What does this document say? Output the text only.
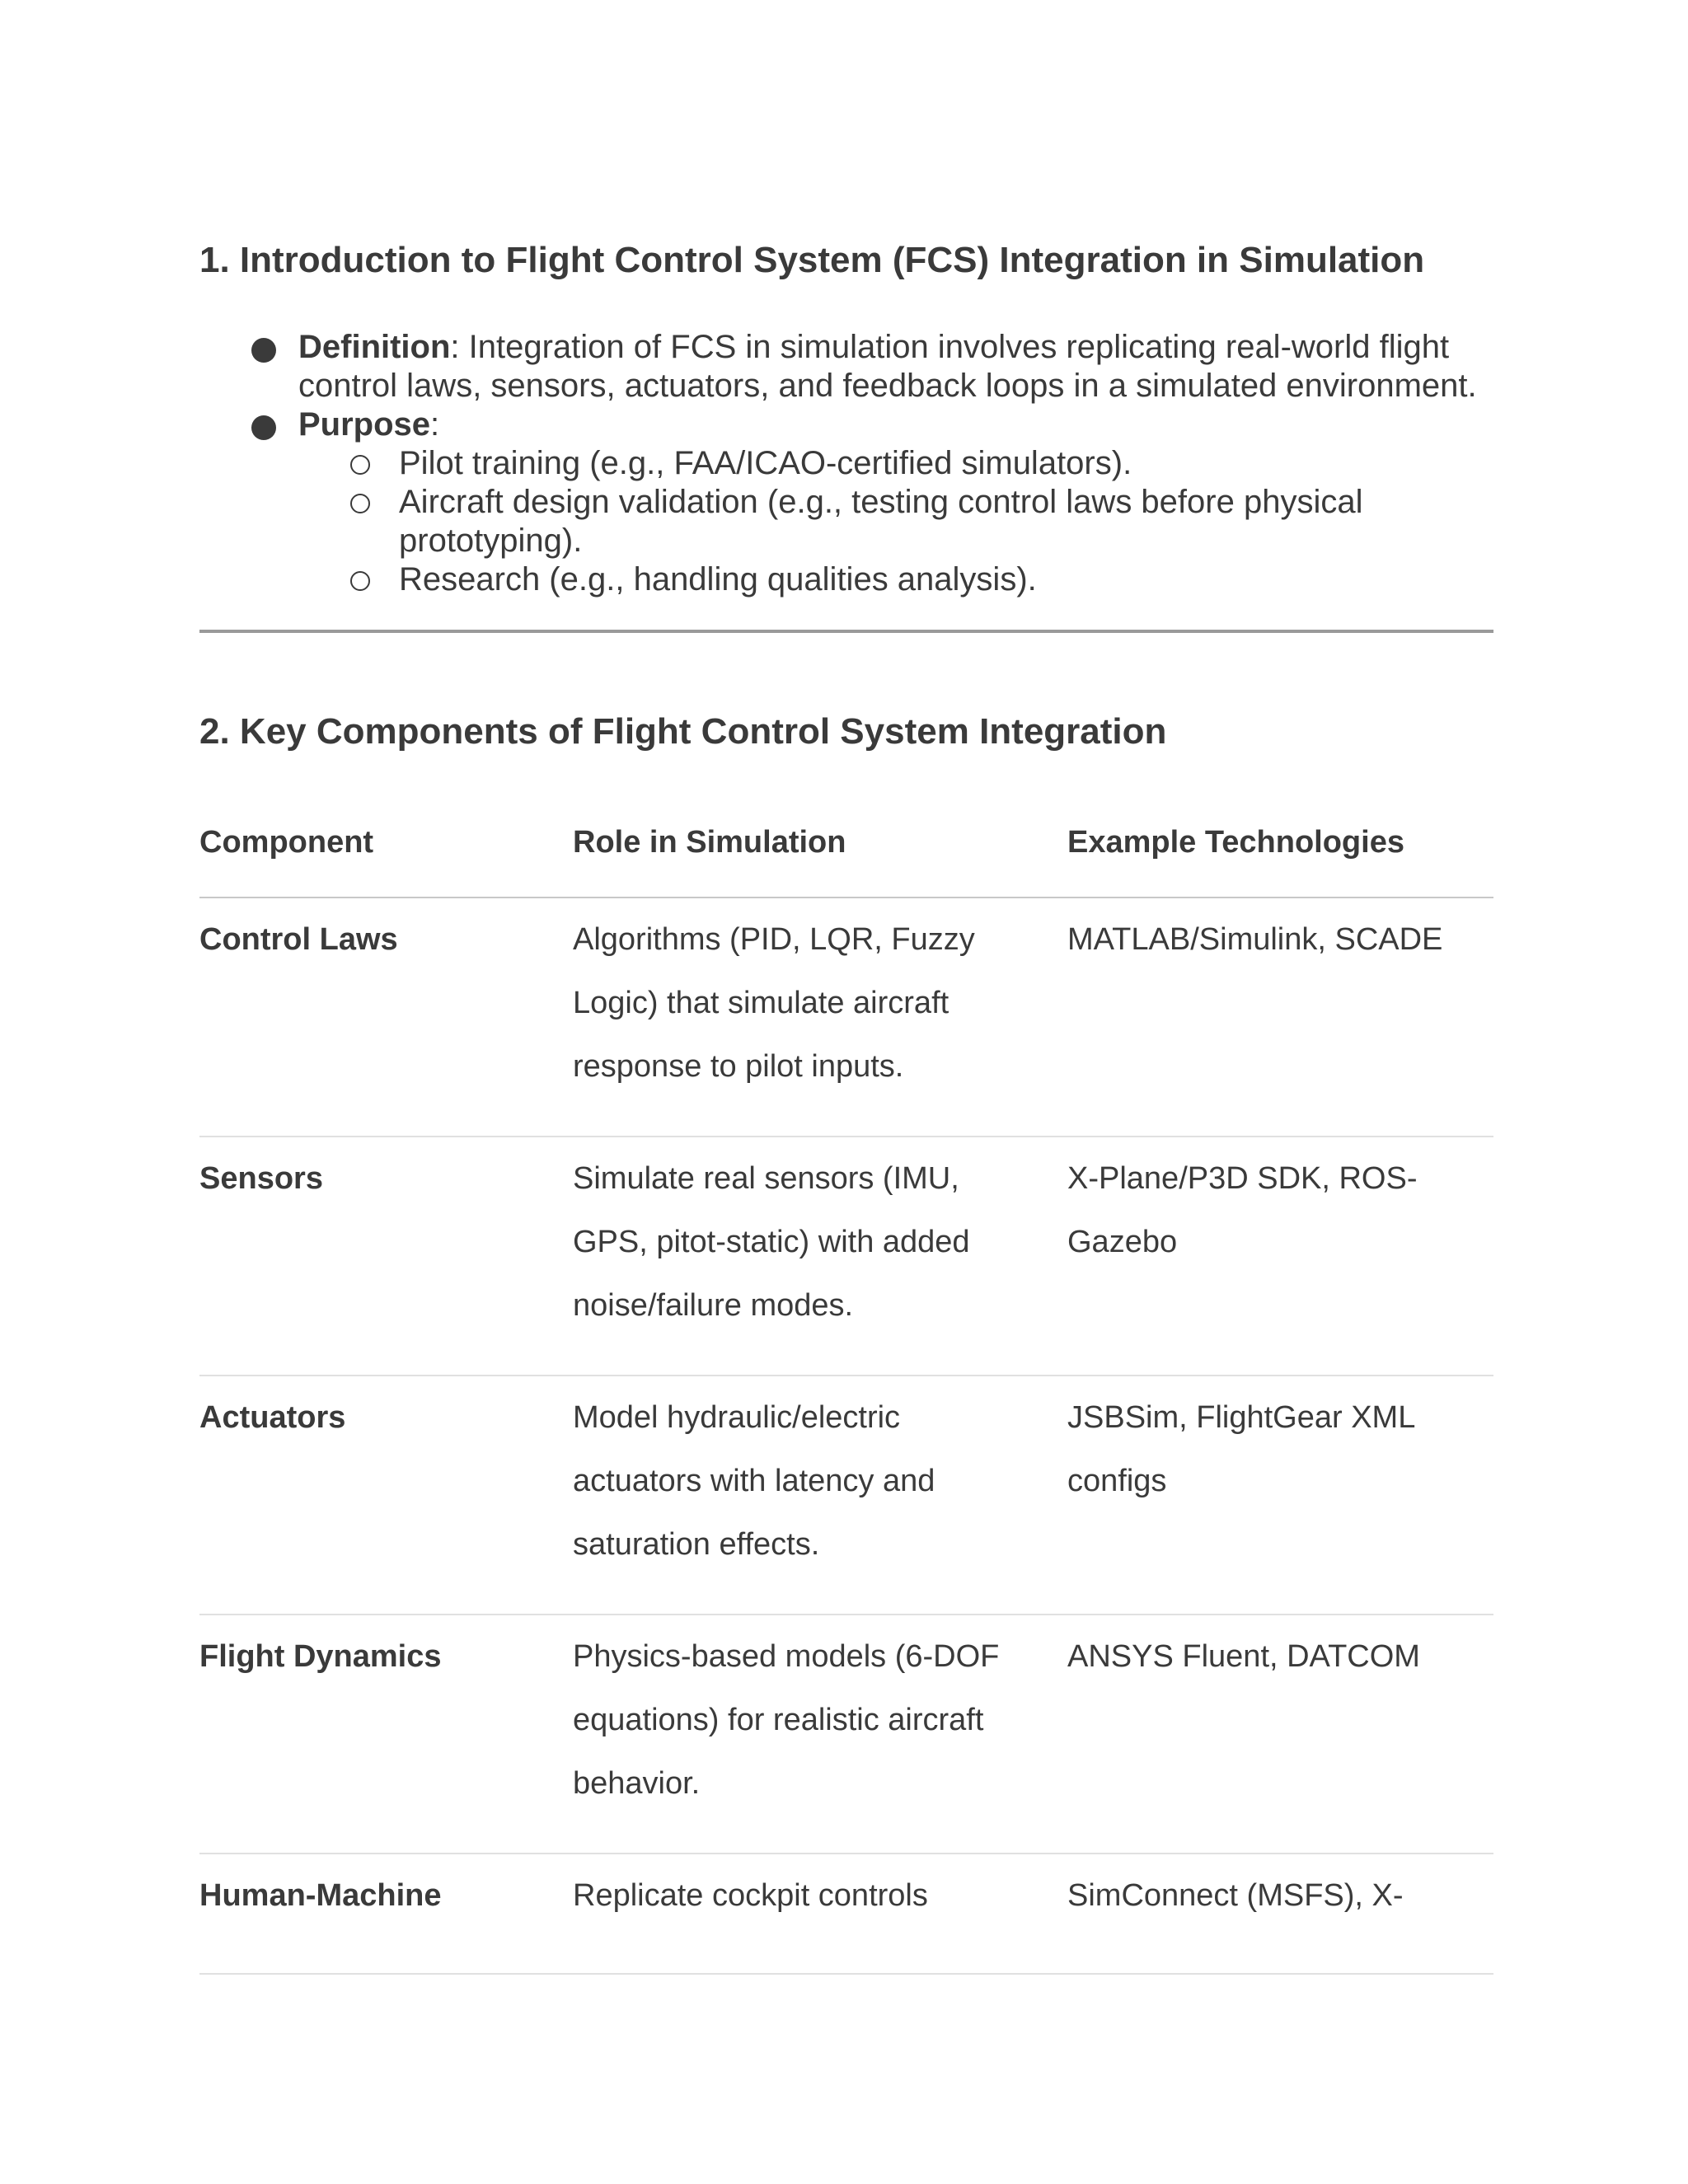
1. Introduction to Flight Control System (FCS) Integration in Simulation
Definition: Integration of FCS in simulation involves replicating real-world flight control laws, sensors, actuators, and feedback loops in a simulated environment.
Purpose:
Pilot training (e.g., FAA/ICAO-certified simulators).
Aircraft design validation (e.g., testing control laws before physical prototyping).
Research (e.g., handling qualities analysis).
2. Key Components of Flight Control System Integration
Component	Role in Simulation	Example Technologies
Control Laws	Algorithms (PID, LQR, Fuzzy Logic) that simulate aircraft response to pilot inputs.	MATLAB/Simulink, SCADE
Sensors	Simulate real sensors (IMU, GPS, pitot-static) with added noise/failure modes.	X-Plane/P3D SDK, ROS-Gazebo
Actuators	Model hydraulic/electric actuators with latency and saturation effects.	JSBSim, FlightGear XML configs
Flight Dynamics	Physics-based models (6-DOF equations) for realistic aircraft behavior.	ANSYS Fluent, DATCOM
Human-Machine	Replicate cockpit controls	SimConnect (MSFS), X-
